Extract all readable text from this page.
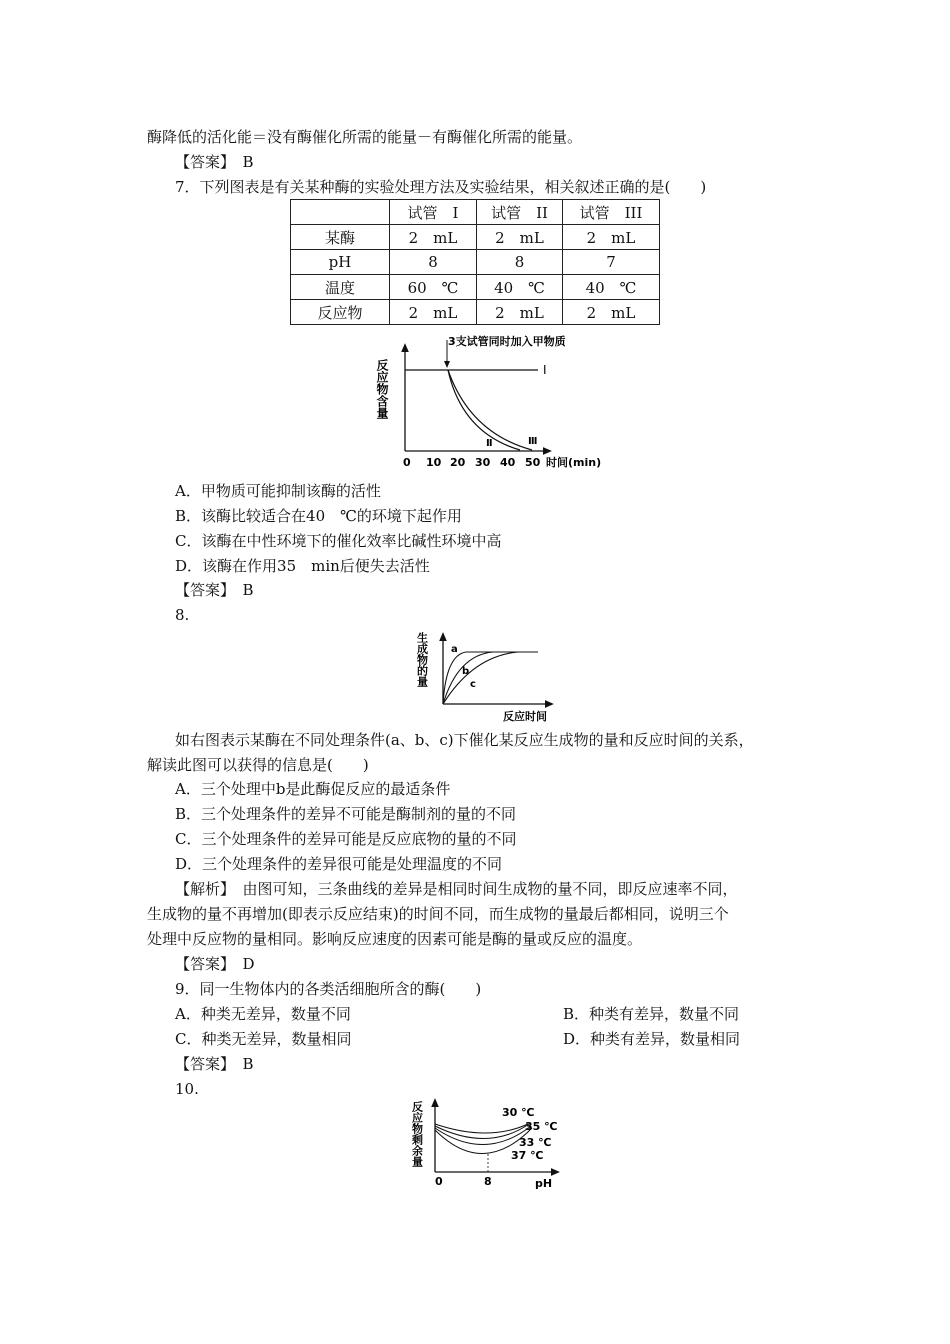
酶降低的活化能＝没有酶催化所需的能量－有酶催化所需的能量。
【答案】　B
7．下列图表是有关某种酶的实验处理方法及实验结果，相关叙述正确的是(　　)
	试管　I	试管　II	试管　III
某酶	2　mL	2　mL	2　mL
pH	8	8	7
温度	60　℃	40　℃	40　℃
反应物	2　mL	2　mL	2　mL
反应物含量
3支试管同时加入甲物质
I
Ⅱ	Ⅲ
0 10 20 30 40 50 时间(min)
A．甲物质可能抑制该酶的活性
B．该酶比较适合在40　℃的环境下起作用
C．该酶在中性环境下的催化效率比碱性环境中高
D．该酶在作用35　min后便失去活性
【答案】　B
8.
生成物的量 a
b
c
反应时间
如右图表示某酶在不同处理条件(a、b、c)下催化某反应生成物的量和反应时间的关系，
解读此图可以获得的信息是(　　)
A．三个处理中b是此酶促反应的最适条件
B．三个处理条件的差异不可能是酶制剂的量的不同
C．三个处理条件的差异可能是反应底物的量的不同
D．三个处理条件的差异很可能是处理温度的不同
【解析】　由图可知，三条曲线的差异是相同时间生成物的量不同，即反应速率不同，
生成物的量不再增加(即表示反应结束)的时间不同，而生成物的量最后都相同，说明三个
处理中反应物的量相同。影响反应速度的因素可能是酶的量或反应的温度。
【答案】　D
9．同一生物体内的各类活细胞所含的酶(　　)
A．种类无差异，数量不同	B．种类有差异，数量不同
C．种类无差异，数量相同	D．种类有差异，数量相同
【答案】　B
10.
反应物剩余量	30 ℃
35 ℃
33 ℃
37 ℃
0	8	pH
